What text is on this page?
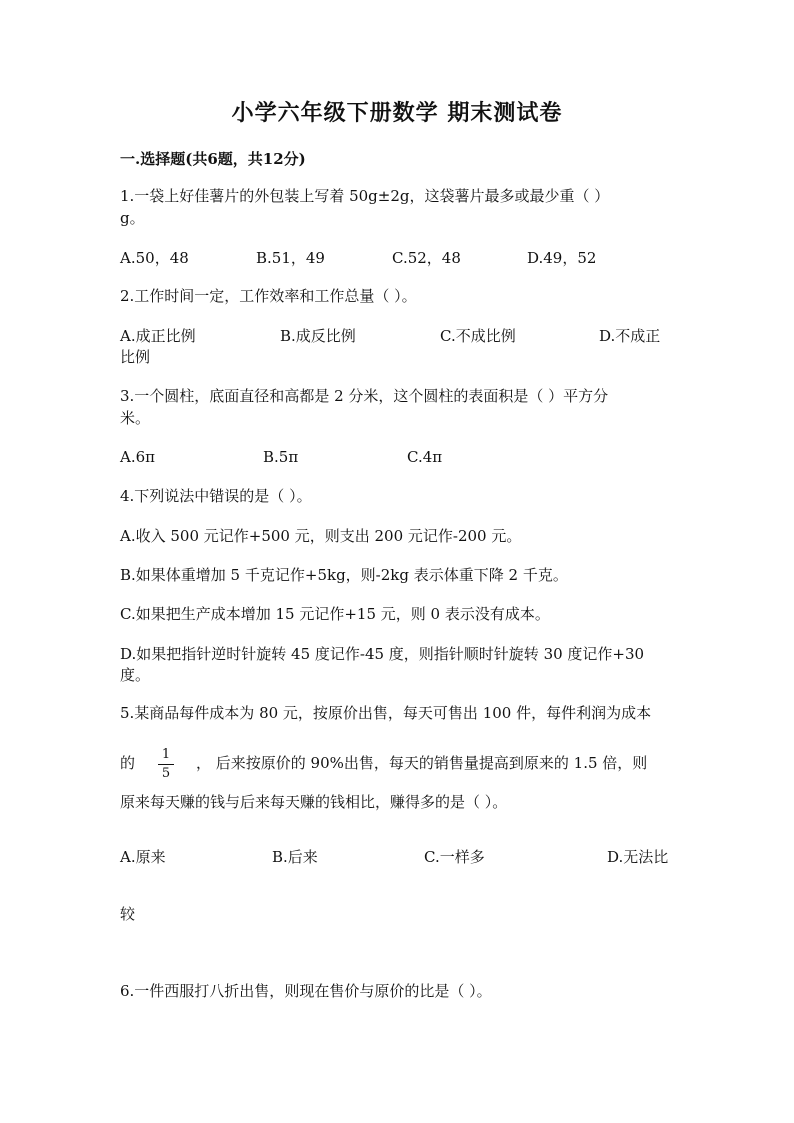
小学六年级下册数学 期末测试卷
一.选择题(共6题，共12分)
1.一袋上好佳薯片的外包装上写着 50g±2g，这袋薯片最多或最少重（ ）
g。
A.50，48	B.51，49	C.52，48	D.49，52
2.工作时间一定，工作效率和工作总量（ ）。
A.成正比例	B.成反比例	C.不成比例	D.不成正
比例
3.一个圆柱，底面直径和高都是 2 分米，这个圆柱的表面积是（ ）平方分
米。
A.6π	B.5π	C.4π
4.下列说法中错误的是（ ）。
A.收入 500 元记作+500 元，则支出 200 元记作-200 元。
B.如果体重增加 5 千克记作+5kg，则-2kg 表示体重下降 2 千克。
C.如果把生产成本增加 15 元记作+15 元，则 0 表示没有成本。
D.如果把指针逆时针旋转 45 度记作-45 度，则指针顺时针旋转 30 度记作+30
度。
5.某商品每件成本为 80 元，按原价出售，每天可售出 100 件，每件利润为成本
的 1
5
， 后来按原价的 90%出售，每天的销售量提高到原来的 1.5 倍，则
原来每天赚的钱与后来每天赚的钱相比，赚得多的是（ ）。
A.原来	B.后来	C.一样多	D.无法比
较
6.一件西服打八折出售，则现在售价与原价的比是（ ）。
